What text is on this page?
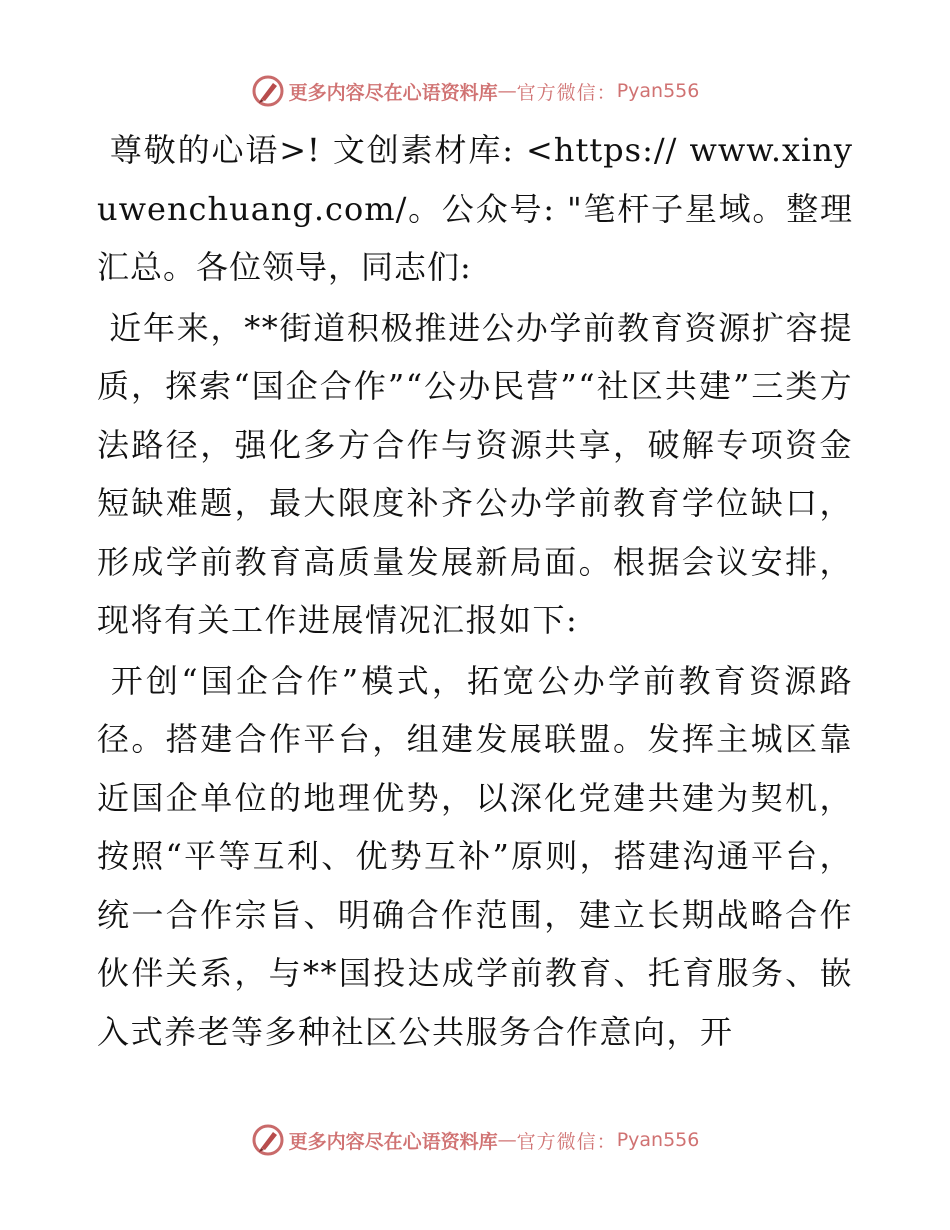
更多内容尽在心语资料库 — 官方微信： Pyan556

尊敬的心语>! 文创素材库: <https:// www.xinyuwenchuang.com/。公众号: "笔杆子星域。整理汇总。各位领导，同志们:

近年来，**街道积极推进公办学前教育资源扩容提质，探索“国企合作”“公办民营”“社区共建”三类方法路径，强化多方合作与资源共享，破解专项资金短缺难题，最大限度补齐公办学前教育学位缺口，形成学前教育高质量发展新局面。根据会议安排，现将有关工作进展情况汇报如下:

开创“国企合作”模式，拓宽公办学前教育资源路径。搭建合作平台，组建发展联盟。发挥主城区靠近国企单位的地理优势，以深化党建共建为契机，按照“平等互利、优势互补”原则，搭建沟通平台，统一合作宗旨、明确合作范围，建立长期战略合作伙伴关系，与**国投达成学前教育、托育服务、嵌入式养老等多种社区公共服务合作意向，开

更多内容尽在心语资料库 — 官方微信： Pyan556
